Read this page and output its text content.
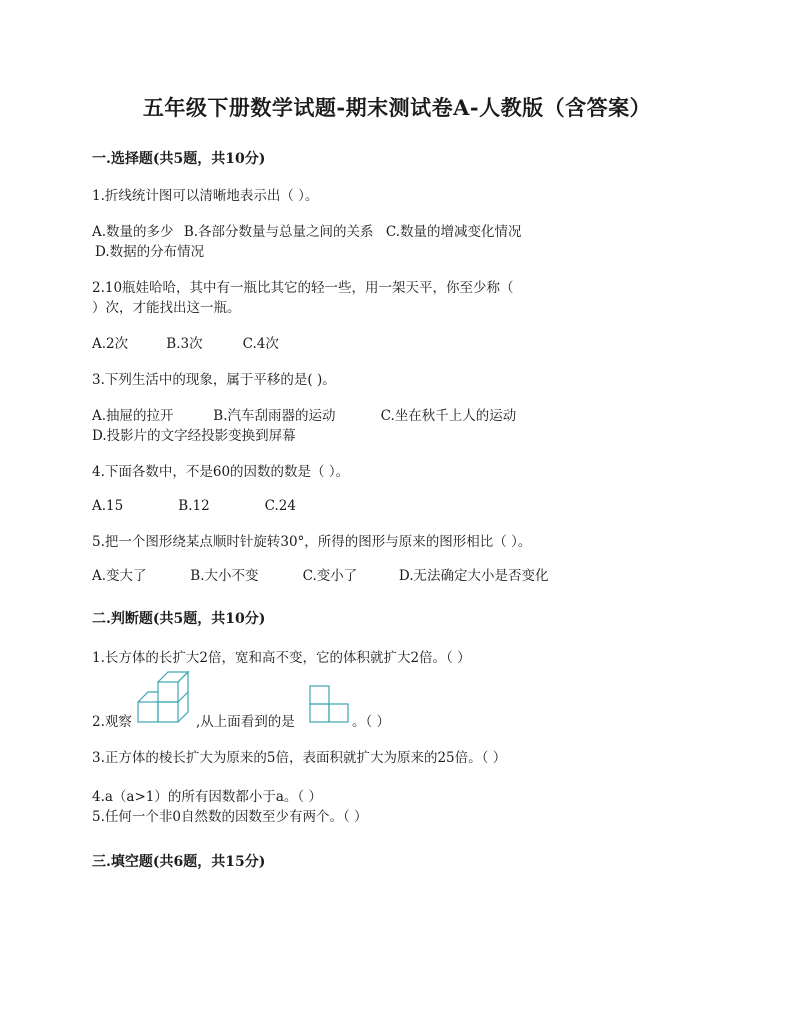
五年级下册数学试题-期末测试卷A-人教版（含答案）
一.选择题(共5题，共10分)
1.折线统计图可以清晰地表示出（ ）。
A.数量的多少 B.各部分数量与总量之间的关系 C.数量的增减变化情况
D.数据的分布情况
2.10瓶娃哈哈，其中有一瓶比其它的轻一些，用一架天平，你至少称（
）次，才能找出这一瓶。
A.2次	B.3次	C.4次
3.下列生活中的现象，属于平移的是( )。
A.抽屉的拉开	B.汽车刮雨器的运动	C.坐在秋千上人的运动
D.投影片的文字经投影变换到屏幕
4.下面各数中，不是60的因数的数是（ ）。
A.15	B.12	C.24
5.把一个图形绕某点顺时针旋转30°，所得的图形与原来的图形相比（ ）。
A.变大了	B.大小不变	C.变小了	D.无法确定大小是否变化
二.判断题(共5题，共10分)
1.长方体的长扩大2倍，宽和高不变，它的体积就扩大2倍。（ ）
2.观察	,从上面看到的是	。（ ）
3.正方体的棱长扩大为原来的5倍，表面积就扩大为原来的25倍。（ ）
4.a（a>1）的所有因数都小于a。（ ）
5.任何一个非0自然数的因数至少有两个。（ ）
三.填空题(共6题，共15分)
